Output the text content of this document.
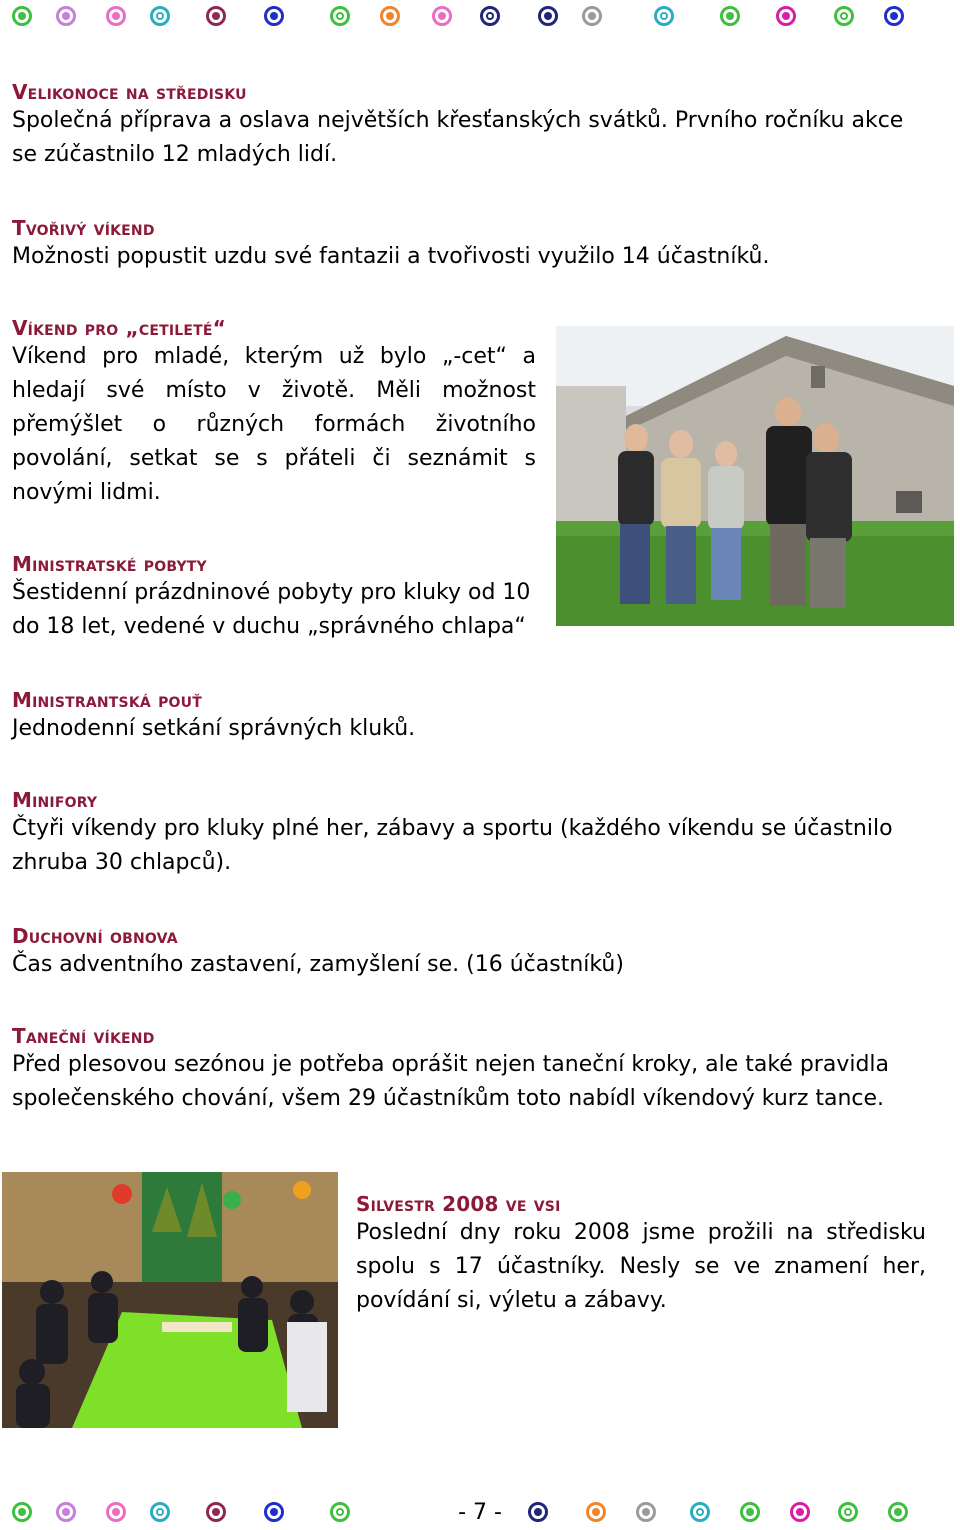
Velikonoce na středisku

Společná příprava a oslava největších křesťanských svátků. Prvního ročníku akce

se zúčastnilo 12 mladých lidí.

Tvořivý víkend

Možnosti popustit uzdu své fantazii a tvořivosti využilo 14 účastníků.

Víkend pro „cetileté“

Víkend pro mladé, kterým už bylo „-cet“ a hledají své místo v životě. Měli možnost přemýšlet o různých formách životního povolání, setkat se s přáteli či seznámit s novými lidmi.

Ministratské pobyty

Šestidenní prázdninové pobyty pro kluky od 10

do 18 let, vedené v duchu „správného chlapa“

Ministrantská pouť

Jednodenní setkání správných kluků.

Minifory

Čtyři víkendy pro kluky plné her, zábavy a sportu (každého víkendu se účastnilo

zhruba 30 chlapců).

Duchovní obnova

Čas adventního zastavení, zamyšlení se. (16 účastníků)

Taneční víkend

Před plesovou sezónou je potřeba oprášit nejen taneční kroky, ale také pravidla

společenského chování, všem 29 účastníkům toto nabídl víkendový kurz tance.

Silvestr 2008 ve vsi

Poslední dny roku 2008 jsme prožili na středisku spolu s 17 účastníky. Nesly se ve znamení her, povídání si, výletu a zábavy.

- 7 -
